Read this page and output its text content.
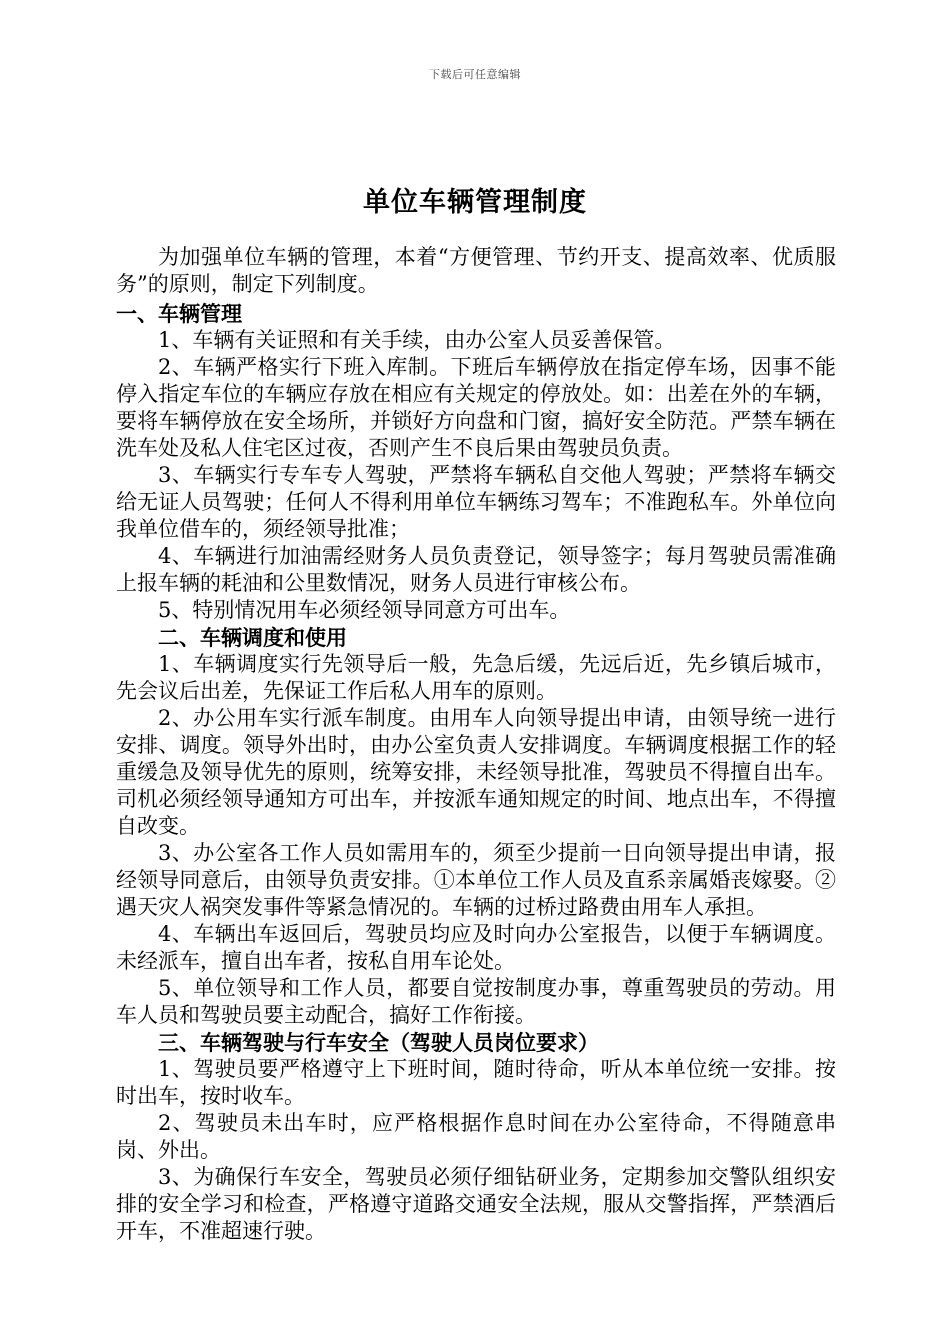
下载后可任意编辑
单位车辆管理制度

为加强单位车辆的管理，本着“方便管理、节约开支、提高效率、优质服务”的原则，制定下列制度。

一、车辆管理

1、车辆有关证照和有关手续，由办公室人员妥善保管。

2、车辆严格实行下班入库制。下班后车辆停放在指定停车场，因事不能停入指定车位的车辆应存放在相应有关规定的停放处。如：出差在外的车辆，要将车辆停放在安全场所，并锁好方向盘和门窗，搞好安全防范。严禁车辆在洗车处及私人住宅区过夜，否则产生不良后果由驾驶员负责。

3、车辆实行专车专人驾驶，严禁将车辆私自交他人驾驶；严禁将车辆交给无证人员驾驶；任何人不得利用单位车辆练习驾车；不准跑私车。外单位向我单位借车的，须经领导批准；

4、车辆进行加油需经财务人员负责登记，领导签字；每月驾驶员需准确上报车辆的耗油和公里数情况，财务人员进行审核公布。

5、特别情况用车必须经领导同意方可出车。

二、车辆调度和使用

1、车辆调度实行先领导后一般，先急后缓，先远后近，先乡镇后城市，先会议后出差，先保证工作后私人用车的原则。

2、办公用车实行派车制度。由用车人向领导提出申请，由领导统一进行安排、调度。领导外出时，由办公室负责人安排调度。车辆调度根据工作的轻重缓急及领导优先的原则，统筹安排，未经领导批准，驾驶员不得擅自出车。司机必须经领导通知方可出车，并按派车通知规定的时间、地点出车，不得擅自改变。

3、办公室各工作人员如需用车的，须至少提前一日向领导提出申请，报经领导同意后，由领导负责安排。①本单位工作人员及直系亲属婚丧嫁娶。②遇天灾人祸突发事件等紧急情况的。车辆的过桥过路费由用车人承担。

4、车辆出车返回后，驾驶员均应及时向办公室报告，以便于车辆调度。未经派车，擅自出车者，按私自用车论处。

5、单位领导和工作人员，都要自觉按制度办事，尊重驾驶员的劳动。用车人员和驾驶员要主动配合，搞好工作衔接。

三、车辆驾驶与行车安全（驾驶人员岗位要求）

1、驾驶员要严格遵守上下班时间，随时待命，听从本单位统一安排。按时出车，按时收车。

2、驾驶员未出车时，应严格根据作息时间在办公室待命，不得随意串岗、外出。

3、为确保行车安全，驾驶员必须仔细钻研业务，定期参加交警队组织安排的安全学习和检查，严格遵守道路交通安全法规，服从交警指挥，严禁酒后开车，不准超速行驶。
